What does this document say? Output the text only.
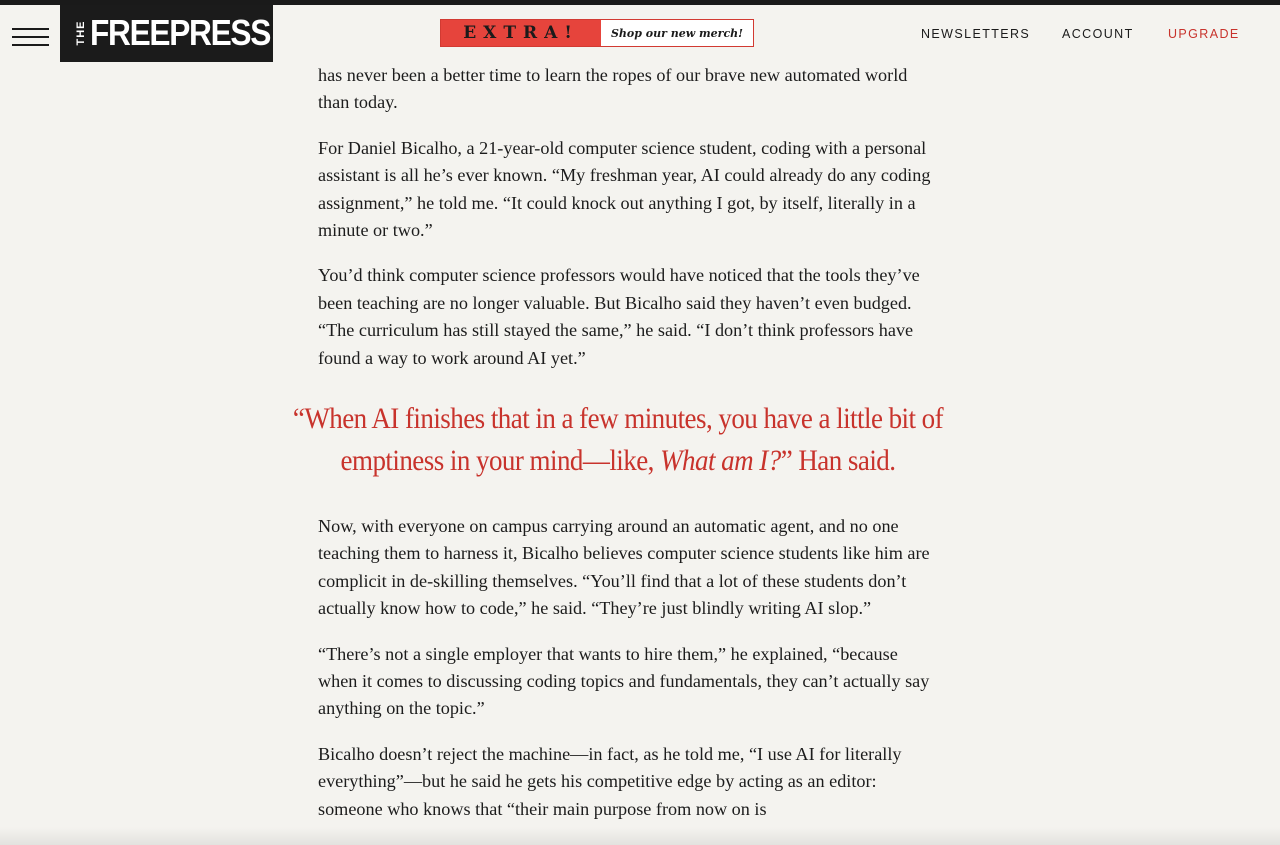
THE FREEPRESS	EXTRA!	Shop our new merch!	NEWSLETTERS	ACCOUNT	UPGRADE

has never been a better time to learn the ropes of our brave new automated world than today.

For Daniel Bicalho, a 21-year-old computer science student, coding with a personal assistant is all he’s ever known. “My freshman year, AI could already do any coding assignment,” he told me. “It could knock out anything I got, by itself, literally in a minute or two.”

You’d think computer science professors would have noticed that the tools they’ve been teaching are no longer valuable. But Bicalho said they haven’t even budged. “The curriculum has still stayed the same,” he said. “I don’t think professors have found a way to work around AI yet.”

“When AI finishes that in a few minutes, you have a little bit of emptiness in your mind—like, What am I?” Han said.

Now, with everyone on campus carrying around an automatic agent, and no one teaching them to harness it, Bicalho believes computer science students like him are complicit in de-skilling themselves. “You’ll find that a lot of these students don’t actually know how to code,” he said. “They’re just blindly writing AI slop.”

“There’s not a single employer that wants to hire them,” he explained, “because when it comes to discussing coding topics and fundamentals, they can’t actually say anything on the topic.”

Bicalho doesn’t reject the machine—in fact, as he told me, “I use AI for literally everything”—but he said he gets his competitive edge by acting as an editor: someone who knows that “their main purpose from now on is
